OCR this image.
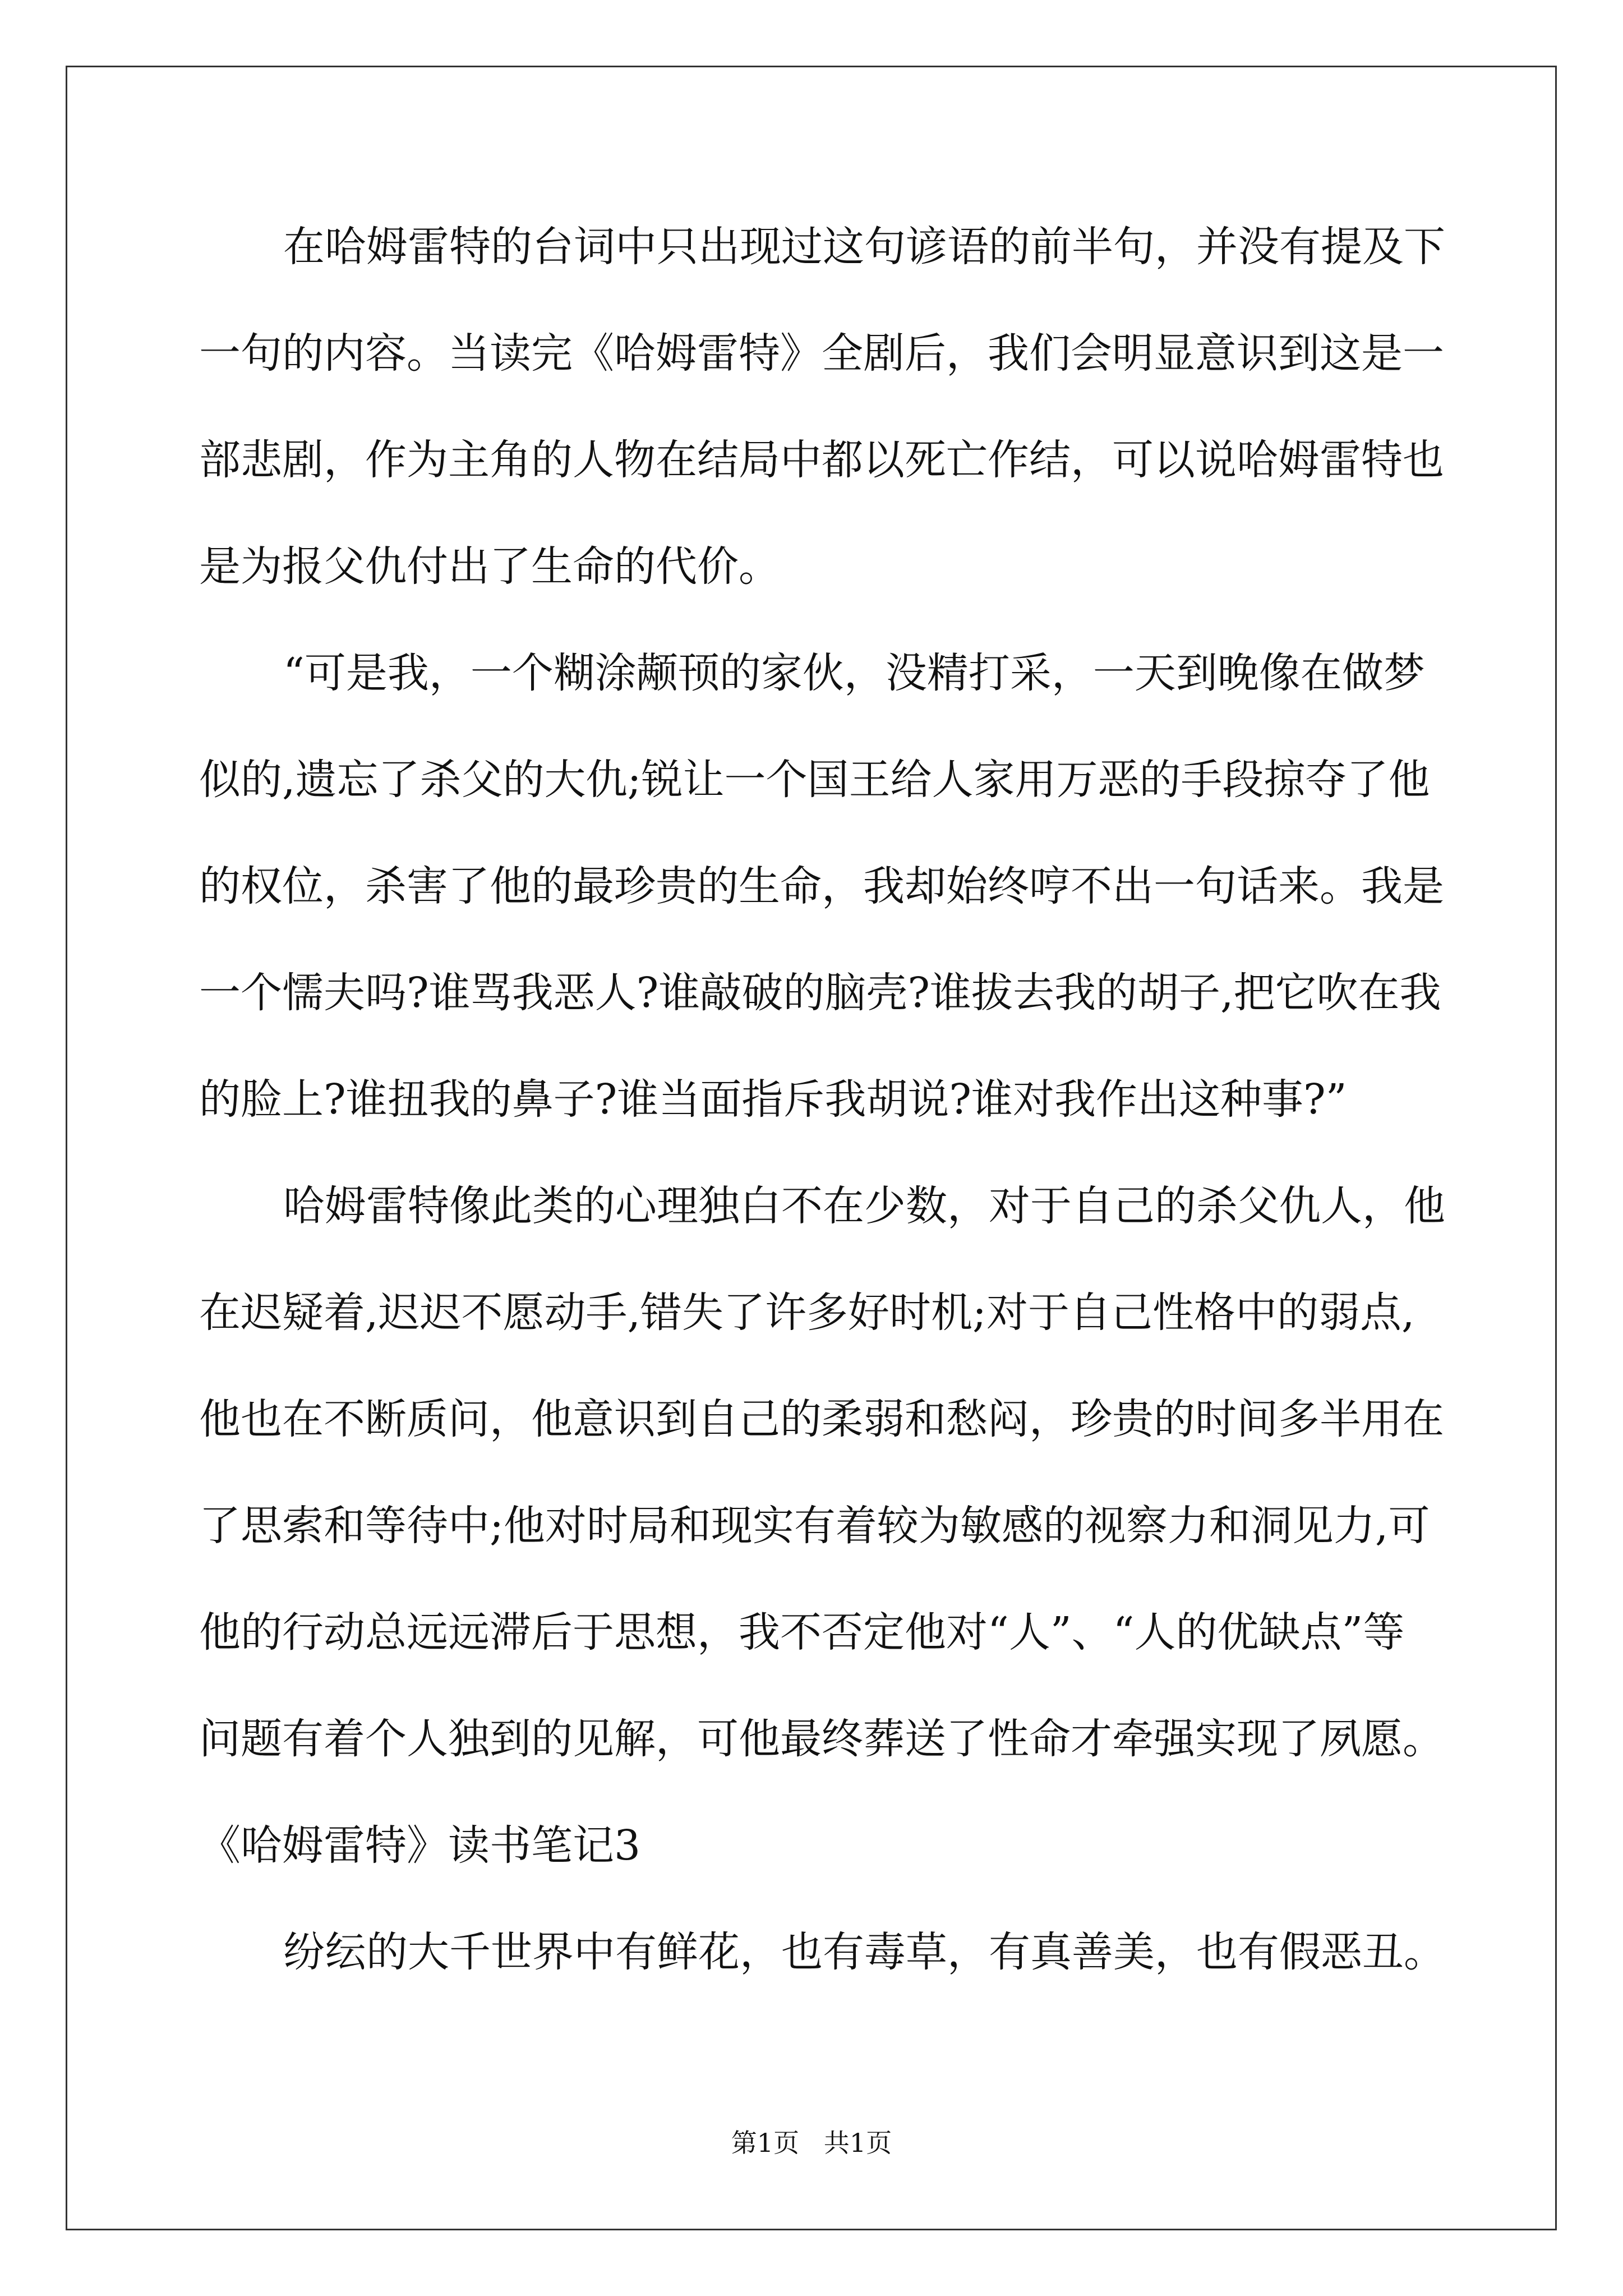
在哈姆雷特的台词中只出现过这句谚语的前半句，并没有提及下
一句的内容。当读完《哈姆雷特》全剧后，我们会明显意识到这是一
部悲剧，作为主角的人物在结局中都以死亡作结，可以说哈姆雷特也
是为报父仇付出了生命的代价。
“可是我，一个糊涂颟顸的家伙，没精打采，一天到晚像在做梦
似的,遗忘了杀父的大仇;锐让一个国王给人家用万恶的手段掠夺了他
的权位，杀害了他的最珍贵的生命，我却始终哼不出一句话来。我是
一个懦夫吗?谁骂我恶人?谁敲破的脑壳?谁拔去我的胡子,把它吹在我
的脸上?谁扭我的鼻子?谁当面指斥我胡说?谁对我作出这种事?”
哈姆雷特像此类的心理独白不在少数，对于自己的杀父仇人，他
在迟疑着,迟迟不愿动手,错失了许多好时机;对于自己性格中的弱点,
他也在不断质问，他意识到自己的柔弱和愁闷，珍贵的时间多半用在
了思索和等待中;他对时局和现实有着较为敏感的视察力和洞见力,可
他的行动总远远滞后于思想，我不否定他对“人”、“人的优缺点”等
问题有着个人独到的见解，可他最终葬送了性命才牵强实现了夙愿。
《哈姆雷特》读书笔记3
纷纭的大千世界中有鲜花，也有毒草，有真善美，也有假恶丑。
第1页   共1页
